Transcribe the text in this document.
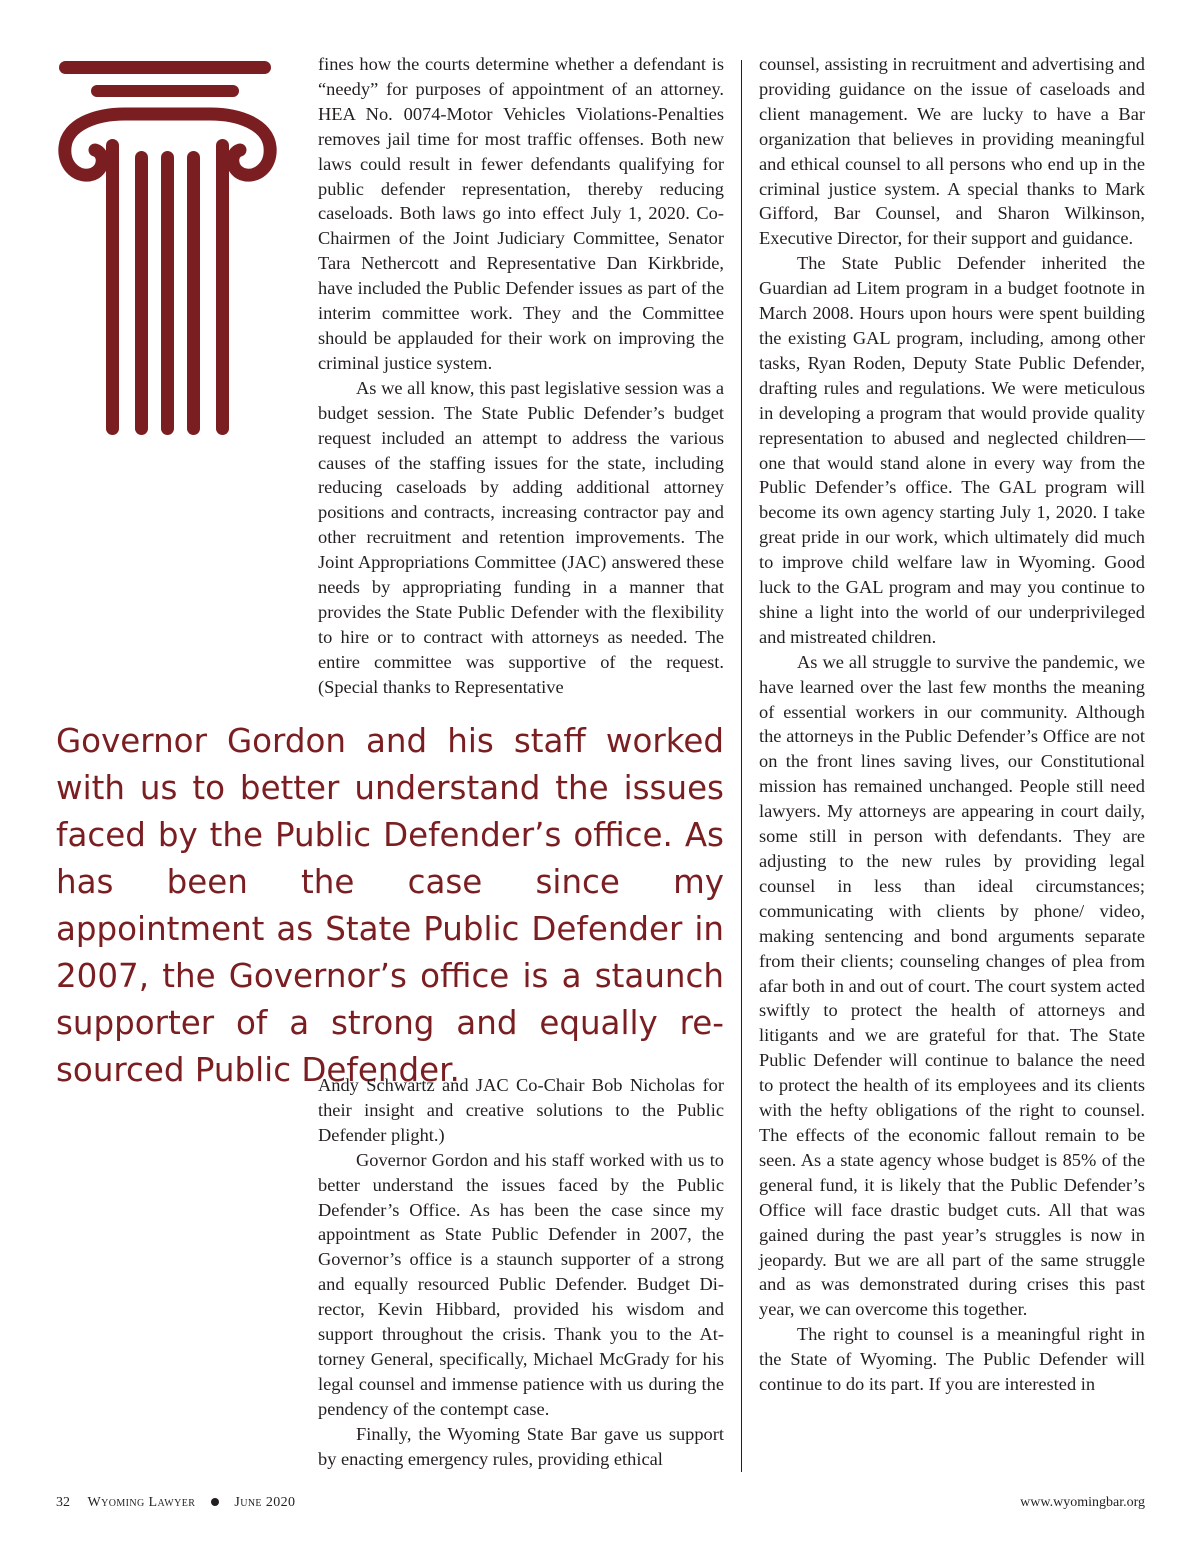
fines how the courts determine whether a defendant is “needy” for purposes of appointment of an attorney. HEA No. 0074-Motor Vehicles Violations-Penalties removes jail time for most traffic offenses. Both new laws could result in fewer defendants qualifying for public defender representation, thereby reducing caseloads. Both laws go into effect July 1, 2020. Co-Chairmen of the Joint Judiciary Committee, Senator Tara Nethercott and Representative Dan Kirkbride, have included the Public Defender issues as part of the interim committee work. They and the Committee should be applauded for their work on improving the criminal justice system.

As we all know, this past legislative session was a budget session. The State Public Defender’s budget request included an attempt to address the various causes of the staffing issues for the state, including reducing caseloads by adding additional attorney positions and contracts, increasing contractor pay and other recruitment and retention improvements. The Joint Appropriations Committee (JAC) answered these needs by appropriating funding in a manner that provides the State Public Defender with the flexibility to hire or to contract with attorneys as needed. The entire committee was supportive of the request. (Special thanks to Representative

Governor Gordon and his staff worked with us to better understand the issues faced by the Public Defender’s office. As has been the case since my appointment as State Public Defender in 2007, the Governor’s office is a staunch supporter of a strong and equally resourced Public Defender.

Andy Schwartz and JAC Co-Chair Bob Nicholas for their insight and creative solutions to the Public Defender plight.)

Governor Gordon and his staff worked with us to better understand the issues faced by the Public Defender’s Office. As has been the case since my appointment as State Public Defender in 2007, the Governor’s office is a staunch supporter of a strong and equally resourced Public Defender. Budget Director, Kevin Hibbard, provided his wisdom and support throughout the crisis. Thank you to the Attorney General, specifically, Michael McGrady for his legal counsel and immense patience with us during the pendency of the contempt case.

Finally, the Wyoming State Bar gave us support by enacting emergency rules, providing ethical

counsel, assisting in recruitment and advertising and providing guidance on the issue of caseloads and client management. We are lucky to have a Bar organization that believes in providing meaningful and ethical counsel to all persons who end up in the criminal justice system. A special thanks to Mark Gifford, Bar Counsel, and Sharon Wilkinson, Executive Director, for their support and guidance.

The State Public Defender inherited the Guardian ad Litem program in a budget footnote in March 2008. Hours upon hours were spent building the existing GAL program, including, among other tasks, Ryan Roden, Deputy State Public Defender, drafting rules and regulations. We were meticulous in developing a program that would provide quality representation to abused and neglected children—one that would stand alone in every way from the Public Defender’s office. The GAL program will become its own agency starting July 1, 2020. I take great pride in our work, which ultimately did much to improve child welfare law in Wyoming. Good luck to the GAL program and may you continue to shine a light into the world of our underprivileged and mistreated children.

As we all struggle to survive the pandemic, we have learned over the last few months the meaning of essential workers in our community. Although the attorneys in the Public Defender’s Office are not on the front lines saving lives, our Constitutional mission has remained unchanged. People still need lawyers. My attorneys are appearing in court daily, some still in person with defendants. They are adjusting to the new rules by providing legal counsel in less than ideal circumstances; communicating with clients by phone/ video, making sentencing and bond arguments separate from their clients; counseling changes of plea from afar both in and out of court. The court system acted swiftly to protect the health of attorneys and litigants and we are grateful for that. The State Public Defender will continue to balance the need to protect the health of its employees and its clients with the hefty obligations of the right to counsel. The effects of the economic fallout remain to be seen. As a state agency whose budget is 85% of the general fund, it is likely that the Public Defender’s Office will face drastic budget cuts. All that was gained during the past year’s struggles is now in jeopardy. But we are all part of the same struggle and as was demonstrated during crises this past year, we can overcome this together.

The right to counsel is a meaningful right in the State of Wyoming. The Public Defender will continue to do its part. If you are interested in

32 Wyoming Lawyer	June 2020	www.wyomingbar.org
